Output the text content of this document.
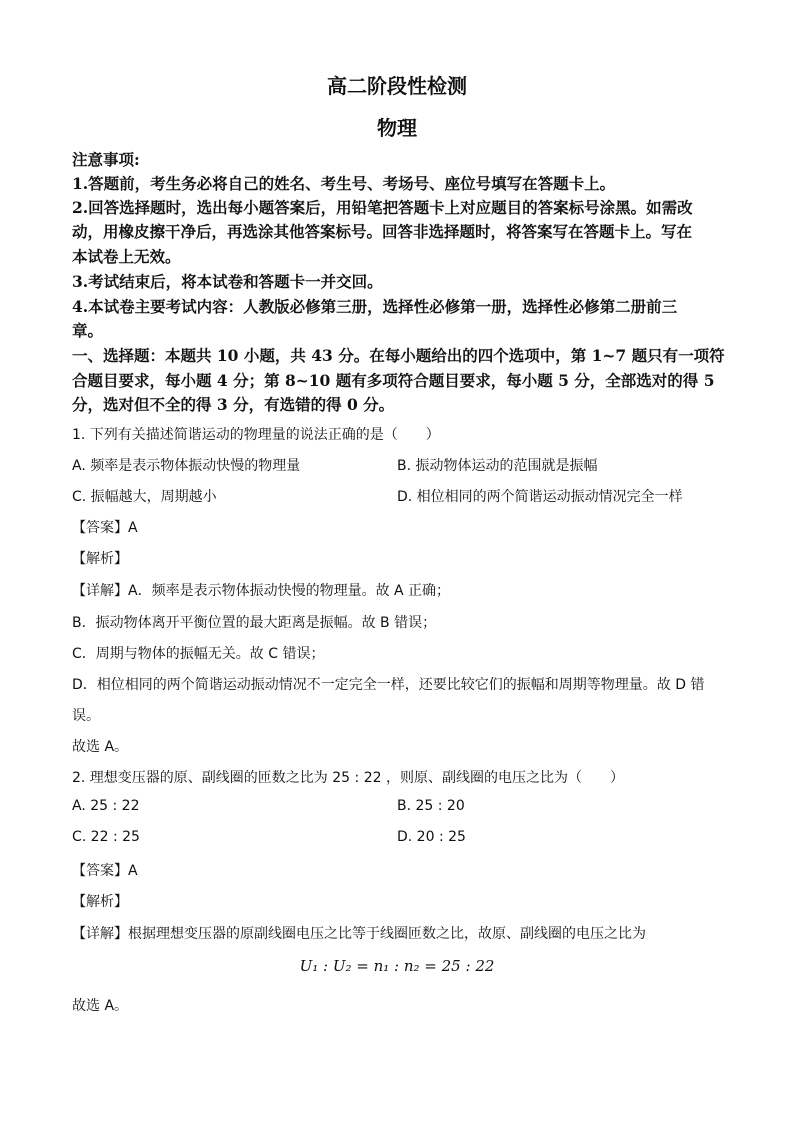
高二阶段性检测
物理
注意事项:
1.答题前，考生务必将自己的姓名、考生号、考场号、座位号填写在答题卡上。
2.回答选择题时，选出每小题答案后，用铅笔把答题卡上对应题目的答案标号涂黑。如需改
动，用橡皮擦干净后，再选涂其他答案标号。回答非选择题时，将答案写在答题卡上。写在
本试卷上无效。
3.考试结束后，将本试卷和答题卡一并交回。
4.本试卷主要考试内容：人教版必修第三册，选择性必修第一册，选择性必修第二册前三
章。
一、选择题：本题共 10 小题，共 43 分。在每小题给出的四个选项中，第 1~7 题只有一项符
合题目要求，每小题 4 分；第 8~10 题有多项符合题目要求，每小题 5 分，全部选对的得 5
分，选对但不全的得 3 分，有选错的得 0 分。
1. 下列有关描述简谐运动的物理量的说法正确的是（　　）
A. 频率是表示物体振动快慢的物理量	B. 振动物体运动的范围就是振幅
C. 振幅越大，周期越小	D. 相位相同的两个简谐运动振动情况完全一样
【答案】A
【解析】
【详解】A．频率是表示物体振动快慢的物理量。故 A 正确；
B．振动物体离开平衡位置的最大距离是振幅。故 B 错误；
C．周期与物体的振幅无关。故 C 错误；
D．相位相同的两个简谐运动振动情况不一定完全一样，还要比较它们的振幅和周期等物理量。故 D 错
误。
故选 A。
2. 理想变压器的原、副线圈的匝数之比为 25 : 22 ，则原、副线圈的电压之比为（　　）
A. 25 : 22	B. 25 : 20
C. 22 : 25	D. 20 : 25
【答案】A
【解析】
【详解】根据理想变压器的原副线圈电压之比等于线圈匝数之比，故原、副线圈的电压之比为
U₁ : U₂ = n₁ : n₂ = 25 : 22
故选 A。
